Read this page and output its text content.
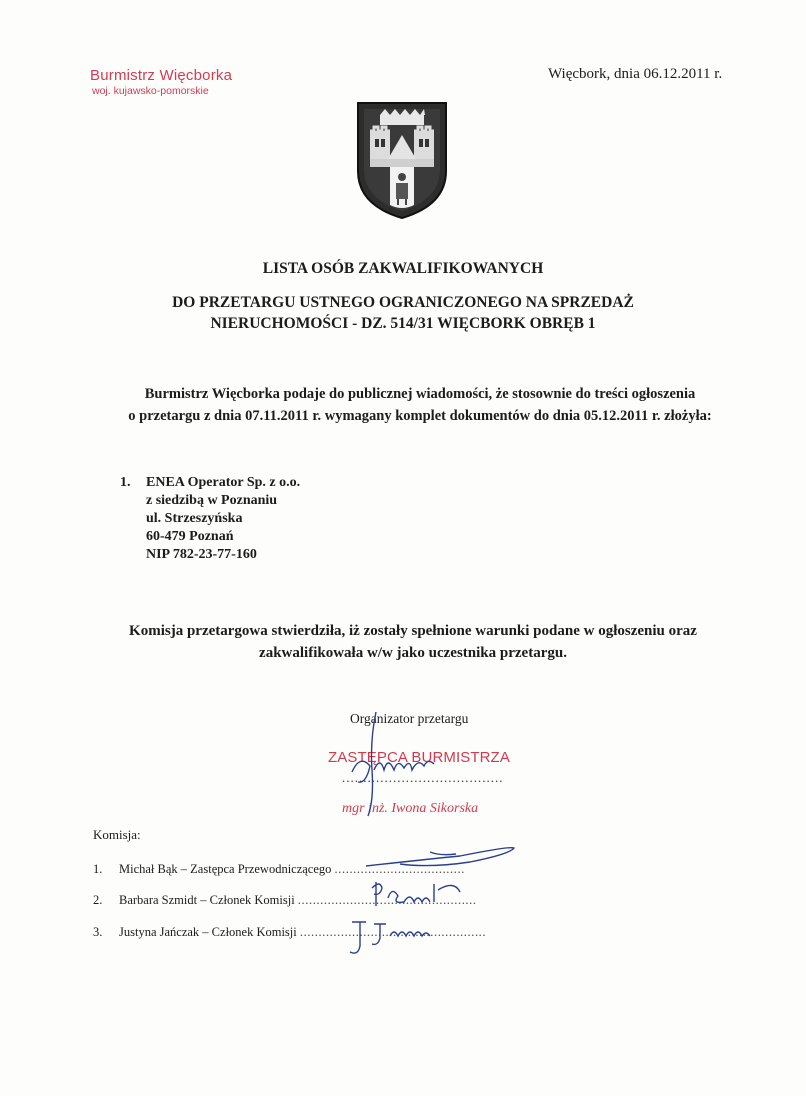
Burmistrz Więcborka
woj. kujawsko-pomorskie
Więcbork, dnia 06.12.2011 r.
LISTA OSÓB ZAKWALIFIKOWANYCH
DO PRZETARGU USTNEGO OGRANICZONEGO NA SPRZEDAŻ
NIERUCHOMOŚCI - DZ. 514/31 WIĘCBORK OBRĘB 1
Burmistrz Więcborka podaje do publicznej wiadomości, że stosownie do treści ogłoszenia
o przetargu z dnia 07.11.2011 r. wymagany komplet dokumentów do dnia 05.12.2011 r. złożyła:
1. ENEA Operator Sp. z o.o.
z siedzibą w Poznaniu
ul. Strzeszyńska
60-479 Poznań
NIP 782-23-77-160
Komisja przetargowa stwierdziła, iż zostały spełnione warunki podane w ogłoszeniu oraz
zakwalifikowała w/w jako uczestnika przetargu.
Organizator przetargu
ZASTĘPCA BURMISTRZA
......................................
mgr inż. Iwona Sikorska
Komisja:
1. Michał Bąk – Zastępca Przewodniczącego ...................................
2. Barbara Szmidt – Członek Komisji ................................................
3. Justyna Jańczak – Członek Komisji ..................................................
